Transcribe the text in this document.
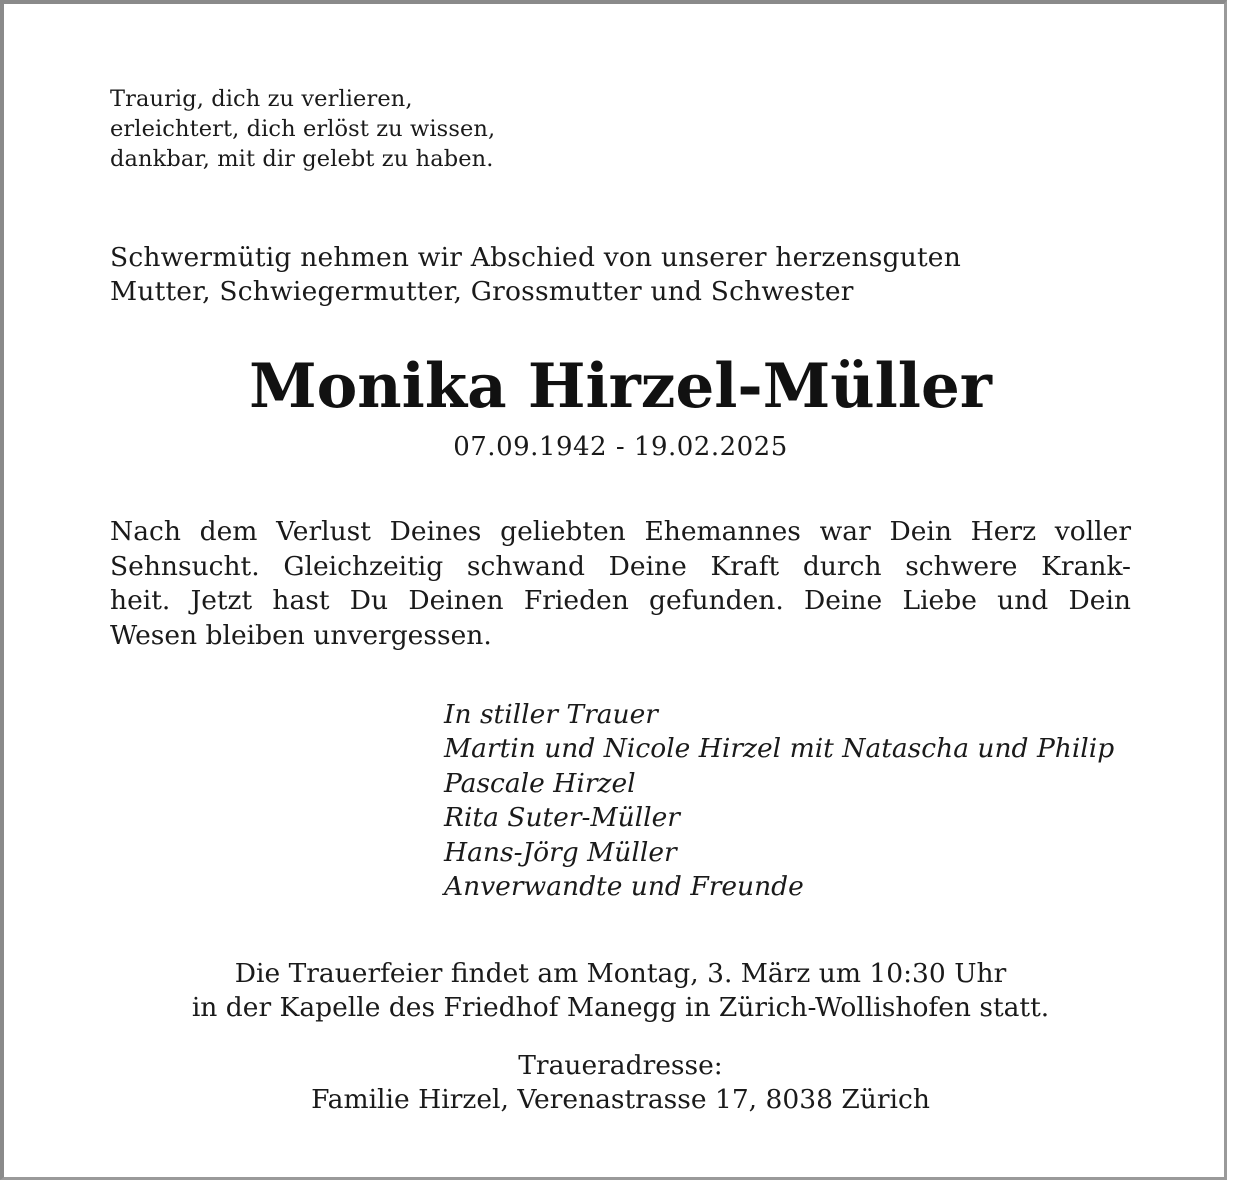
Traurig, dich zu verlieren,
erleichtert, dich erlöst zu wissen,
dankbar, mit dir gelebt zu haben.
Schwermütig nehmen wir Abschied von unserer herzensguten
Mutter, Schwiegermutter, Grossmutter und Schwester
Monika Hirzel-Müller
07.09.1942 - 19.02.2025
Nach dem Verlust Deines geliebten Ehemannes war Dein Herz voller
Sehnsucht. Gleichzeitig schwand Deine Kraft durch schwere Krank-
heit. Jetzt hast Du Deinen Frieden gefunden. Deine Liebe und Dein
Wesen bleiben unvergessen.
In stiller Trauer
Martin und Nicole Hirzel mit Natascha und Philip
Pascale Hirzel
Rita Suter-Müller
Hans-Jörg Müller
Anverwandte und Freunde
Die Trauerfeier findet am Montag, 3. März um 10:30 Uhr
in der Kapelle des Friedhof Manegg in Zürich-Wollishofen statt.
Traueradresse:
Familie Hirzel, Verenastrasse 17, 8038 Zürich
